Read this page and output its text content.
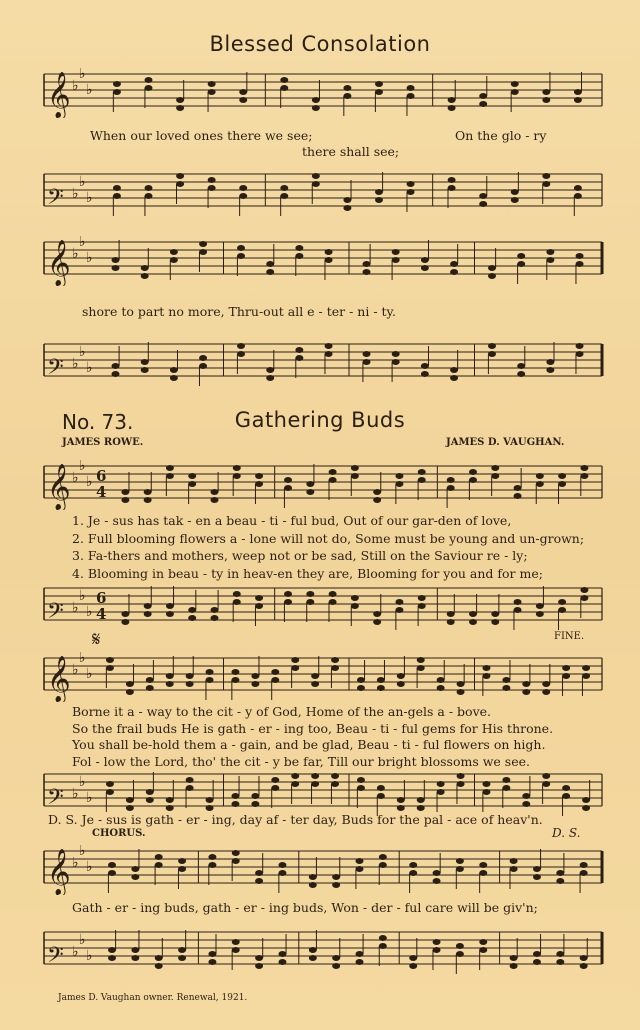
Blessed Consolation
𝄞 ♭
♭
♭
When our loved ones there we see;
there shall see;
On the glo - ry
𝄢 ♭
♭
♭
𝄞 ♭
♭
♭
shore to part no more, Thru-out all e - ter - ni - ty.
𝄢 ♭
♭
♭
No. 73.	Gathering Buds
JAMES ROWE.	JAMES D. VAUGHAN.
𝄞 ♭
♭
♭ 6
4
1. Je - sus has tak - en a beau - ti - ful bud, Out of our gar-den of love,
2. Full blooming flowers a - lone will not do, Some must be young and un-grown;
3. Fa-thers and mothers, weep not or be sad, Still on the Saviour re - ly;
4. Blooming in beau - ty in heav-en they are, Blooming for you and for me;
𝄢 ♭
♭
♭
6
4
𝄋	FINE.
𝄞 ♭
♭
♭
Borne it a - way to the cit - y of God, Home of the an-gels a - bove.
So the frail buds He is gath - er - ing too, Beau - ti - ful gems for His throne.
You shall be-hold them a - gain, and be glad, Beau - ti - ful flowers on high.
Fol - low the Lord, tho' the cit - y be far, Till our bright blossoms we see.
𝄢 ♭
♭
♭
D. S. Je - sus is gath - er - ing, day af - ter day, Buds for the pal - ace of heav'n.
CHORUS.	D. S.
𝄞 ♭
♭
♭
Gath - er - ing buds, gath - er - ing buds, Won - der - ful care will be giv'n;
𝄢 ♭
♭
♭
James D. Vaughan owner. Renewal, 1921.
